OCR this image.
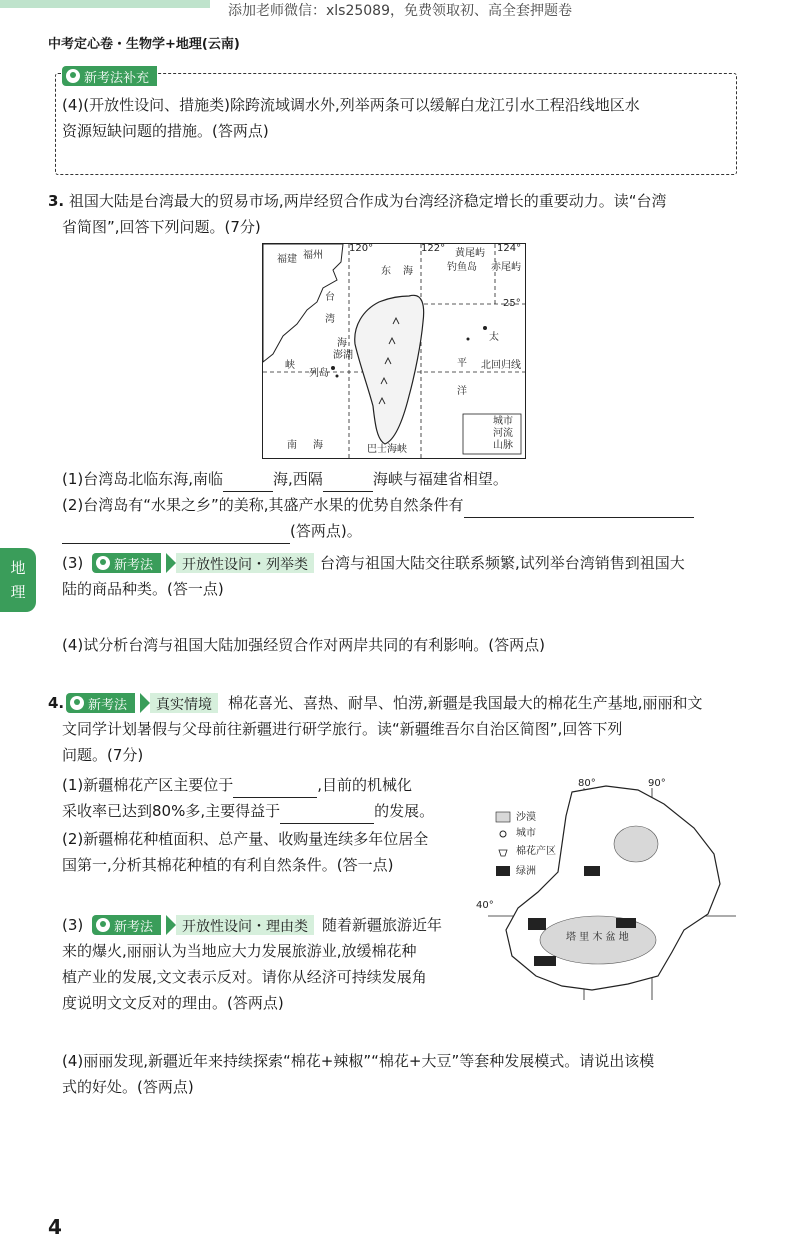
添加老师微信：xls25089，免费领取初、高全套押题卷
中考定心卷・生物学+地理(云南)
新考法补充
(4)(开放性设问、措施类)除跨流域调水外,列举两条可以缓解白龙江引水工程沿线地区水
资源短缺问题的措施。(答两点)
3. 祖国大陆是台湾最大的贸易市场,两岸经贸合作成为台湾经济稳定增长的重要动力。读“台湾
省简图”,回答下列问题。(7分)
120°	122°	124°
25°
福建 福州
东 海	钓鱼岛 赤尾屿
黄尾屿
台
湾
海
峡
澎湖
列岛
太
平
洋
北回归线
南 海	巴士海峡
城市
河流
山脉
(1)台湾岛北临东海,南临	海,西隔	海峡与福建省相望。
(2)台湾岛有“水果之乡”的美称,其盛产水果的优势自然条件有
(答两点)。
(3) 新考法	开放性设问・列举类 台湾与祖国大陆交往联系频繁,试列举台湾销售到祖国大
陆的商品种类。(答一点)
(4)试分析台湾与祖国大陆加强经贸合作对两岸共同的有利影响。(答两点)
地
理
4. 新考法	真实情境	棉花喜光、喜热、耐旱、怕涝,新疆是我国最大的棉花生产基地,丽丽和文
文同学计划暑假与父母前往新疆进行研学旅行。读“新疆维吾尔自治区简图”,回答下列
问题。(7分)
(1)新疆棉花产区主要位于	,目前的机械化
采收率已达到80%多,主要得益于	的发展。
(2)新疆棉花种植面积、总产量、收购量连续多年位居全
国第一,分析其棉花种植的有利自然条件。(答一点)
(3) 新考法	开放性设问・理由类 随着新疆旅游近年
来的爆火,丽丽认为当地应大力发展旅游业,放缓棉花种
植产业的发展,文文表示反对。请你从经济可持续发展角
度说明文文反对的理由。(答两点)
(4)丽丽发现,新疆近年来持续探索“棉花+辣椒”“棉花+大豆”等套种发展模式。请说出该模
式的好处。(答两点)
80°	90°
40°
沙漠
城市
棉花产区
绿洲
塔 里 木 盆 地
4
